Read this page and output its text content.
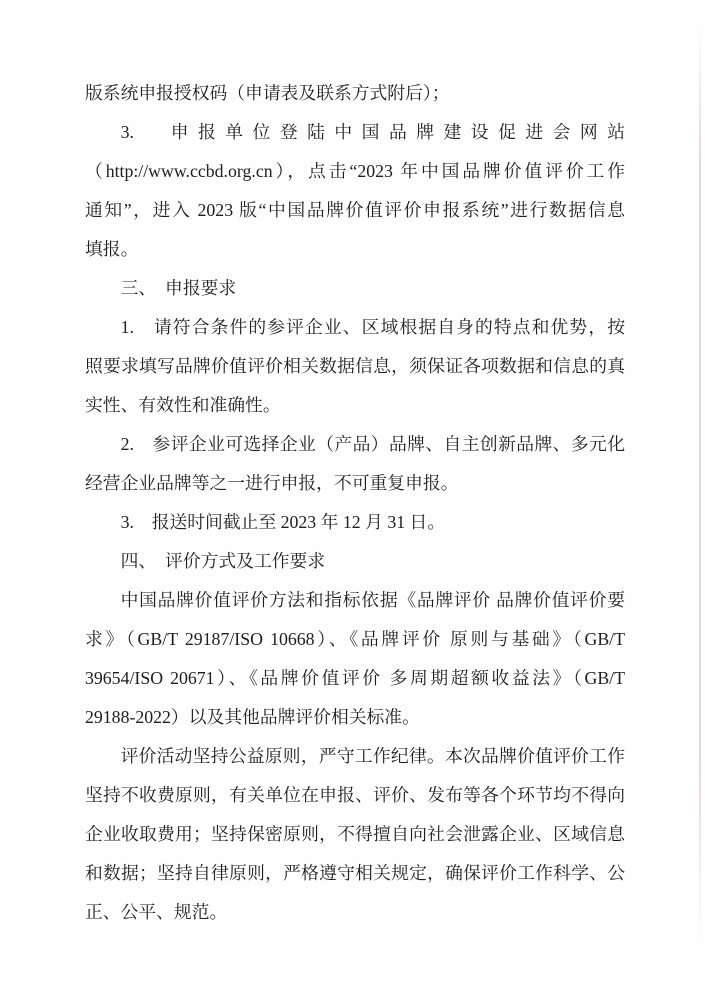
版系统申报授权码（申请表及联系方式附后）；
3.　申报单位登陆中国品牌建设促进会网站
（http://www.ccbd.org.cn），点击“2023 年中国品牌价值评价工作
通知”，进入 2023 版“中国品牌价值评价申报系统”进行数据信息
填报。
三、　申报要求
1.　请符合条件的参评企业、区域根据自身的特点和优势，按
照要求填写品牌价值评价相关数据信息，须保证各项数据和信息的真
实性、有效性和准确性。
2.　参评企业可选择企业（产品）品牌、自主创新品牌、多元化
经营企业品牌等之一进行申报，不可重复申报。
3.　报送时间截止至 2023 年 12 月 31 日。
四、　评价方式及工作要求
中国品牌价值评价方法和指标依据《品牌评价 品牌价值评价要
求》（GB/T 29187/ISO 10668）、《品牌评价 原则与基础》（GB/T
39654/ISO 20671）、《品牌价值评价 多周期超额收益法》（GB/T
29188-2022）以及其他品牌评价相关标准。
评价活动坚持公益原则，严守工作纪律。本次品牌价值评价工作
坚持不收费原则，有关单位在申报、评价、发布等各个环节均不得向
企业收取费用；坚持保密原则，不得擅自向社会泄露企业、区域信息
和数据；坚持自律原则，严格遵守相关规定，确保评价工作科学、公
正、公平、规范。
